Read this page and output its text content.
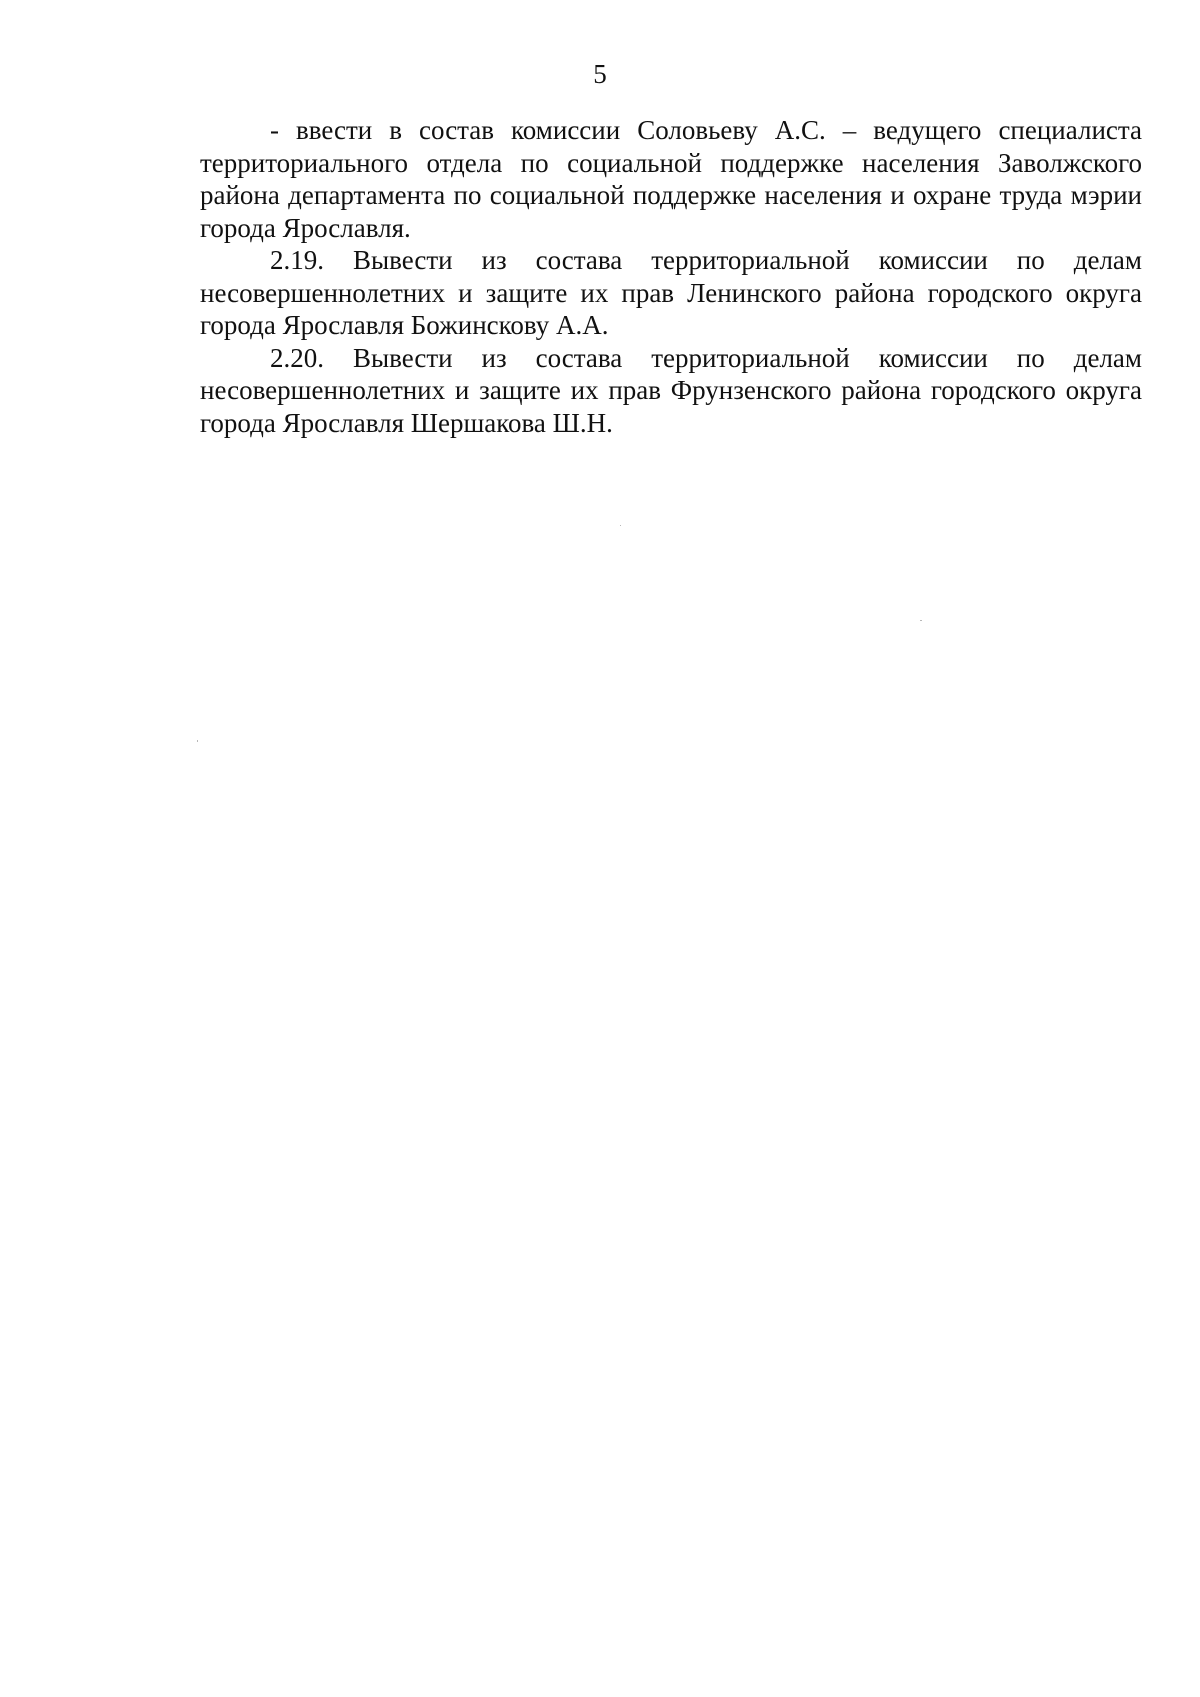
5

- ввести в состав комиссии Соловьеву А.С. – ведущего специалиста территориального отдела по социальной поддержке населения Заволжского района департамента по социальной поддержке населения и охране труда мэрии города Ярославля.

2.19. Вывести из состава территориальной комиссии по делам несовершеннолетних и защите их прав Ленинского района городского округа города Ярославля Божинскову А.А.

2.20. Вывести из состава территориальной комиссии по делам несовершеннолетних и защите их прав Фрунзенского района городского округа города Ярославля Шершакова Ш.Н.
